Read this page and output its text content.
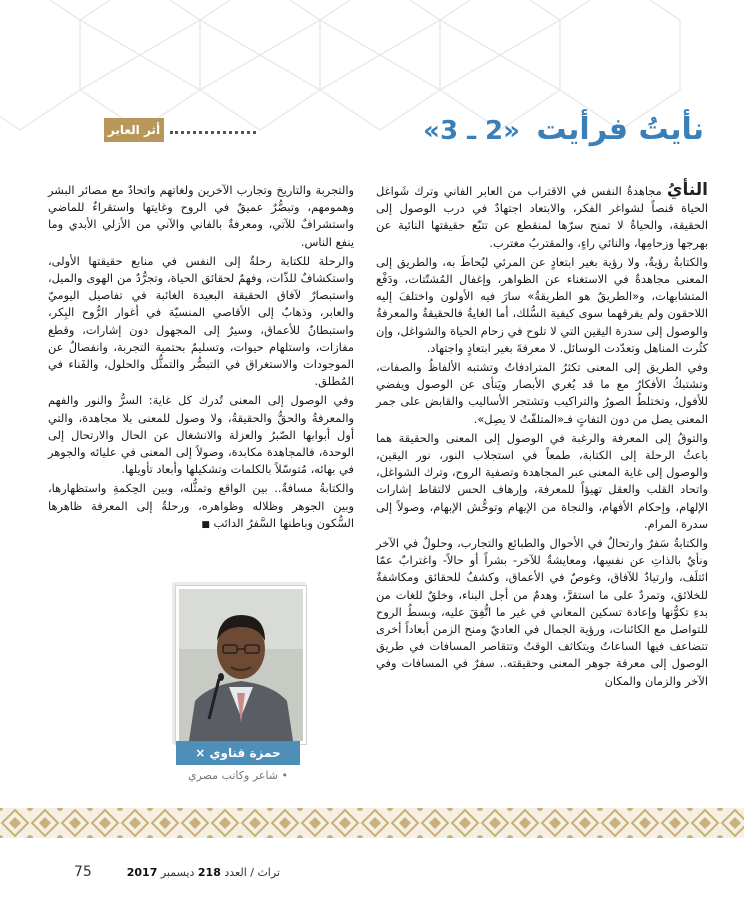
نأيتُ فرأيت «2 ـ 3»
أثر العابر

النأيُ مجاهدةُ النفس في الاقتراب من العابر الفاني وترك شَواغل الحياة قنصاً لشواغر الفكر، والابتعاد اجتهادٌ في درب الوصول إلى الحقيقة، والحياةُ لا تمنح سرّها لمنقطع عن تتبّع حقيقتها النائية عن بهرجها وزحامِها، والنائي راءٍ، والمقتربُ مغترب.

والكتابةُ رؤيةٌ، ولا رؤية بغير ابتعادٍ عن المرئي ليُحاطَ به، والطريق إلى المعنى مجاهدةٌ في الاستغناء عن الظواهر، وإغفال المُشتّتات، ودَفْع المتشابهات، و«الطريقُ هو الطريقةُ» سارَ فيه الأولون واختلفَ إليه اللاحقون ولم يفرقهما سوى كيفية السُّلك، أما الغايةُ فالحقيقةُ والمعرفةُ والوصول إلى سدرة اليقين التي لا تلوح في زحام الحياة والشواغل، وإن كثُرت المناهل وتعدّدت الوسائل. لا معرفةَ بغير ابتعادٍ واجتهاد.

وفي الطريق إلى المعنى تكثرُ المترادفاتُ وتشتبه الألفاظُ والصفات، وتشتبكُ الأفكارُ مع ما قد يُغري الأبصار ويَنأى عن الوصول ويفضي للأفول، وتختلطُ الصورُ والتراكيب وتشتجر الأساليب والقابض على جمر المعنى يصل من دون التفاتٍ فـ«المتلفّتُ لا يصِل».

والتوقُ إلى المعرفة والرغبة في الوصول إلى المعنى والحقيقة هما باعثُ الرحلة إلى الكتابة، طمعاً في استجلاب النور، نور اليقين، والوصول إلى غاية المعنى عبر المجاهدة وتصفية الروح، وترك الشواغل، واتحاد القلب والعقل تهيؤاً للمعرفة، وإرهاف الحس لالتقاط إشارات الإلهام، وإحكام الأفهام، والنجاة من الإيهام وتوحُّش الإبهام، وصولاً إلى سدرة المرام.

والكتابةُ سَفرٌ وارتحالٌ في الأحوال والطبائع والتجارب، وحلولٌ في الآخر ونأيٌ بالذاتِ عن نفسِها، ومعايشةٌ للآخر- بشراً أو حالاً- واغترابٌ عمّا ائتلَف، وارتيادٌ للآفاق، وغوصٌ في الأعماق، وكشفٌ للحقائق ومكاشفةٌ للخلائق، وتمردٌ على ما استقرَّ، وهدمٌ من أجل البناء، وخلقٌ للغات من بدءِ تكوُّنها وإعادة تسكين المعاني في غير ما اتُّفِقَ عليه، وبسطُ الروح للتواصل مع الكائنات، ورؤية الجمال في العاديّ ومنح الزمن أبعاداً أخرى تتضاعف فيها الساعاتُ ويتكاثف الوقتُ وتتقاصر المسافات في طريق الوصول إلى معرفة جوهر المعنى وحقيقته.. سفرٌ في المسافات وفي الآخر والزمان والمكان

والتجربة والتاريخ وتجارب الآخرين ولغاتهم واتحادٌ مع مصائر البشر وهمومهم، وتبصُّرٌ عميقٌ في الروح وغايتها واستقراءٌ للماضي واستشرافٌ للآتي، ومعرفةٌ بالفاني والآني من الأزلي الأبدي وما ينفع الناس.

والرحلة للكتابة رحلةٌ إلى النفس في منابع حقيقتها الأولى، واستكشافٌ للذّات، وفهمٌ لحقائق الحياة، وتجرُّدٌ من الهوى والميل، واستبصارٌ لآفاق الحقيقة البعيدة الغائبة في تفاصيل اليوميّ والعابر، وذهابٌ إلى الأقاصي المنسيّة في أغوار الرُّوح البِكر، واستبطانٌ للأعماق، وسيرٌ إلى المجهول دون إشارات، وقطع مفازات، واستلهام حيوات، وتسليمٌ بحتمية التجربة، وانفصالٌ عن الموجودات والاستغراق في التبصُّر والتمثُّل والحلول، والفَناء في المُطلق.

وفي الوصول إلى المعنى تُدرك كل غاية: السرُّ والنور والفهم والمعرفةُ والحقُّ والحقيقةُ، ولا وصول للمعنى بلا مجاهدة، والتي أول أبوابها الصّبرُ والعزلة والانشغال عن الحال والارتحال إلى الوحدة، فالمجاهدة مكابدة، وصولاً إلى المعنى في عليائه والجوهر في بهائه، مُتوسّلاً بالكلمات وتشكيلها وأبعاد تأويلها.

والكتابةُ مسافةٌ.. بين الواقع وتمثُّله، وبين الحِكمةِ واستظهارها، وبين الجوهر وظلاله وظواهره، ورحلةٌ إلى المعرفة ظاهرها السُّكون وباطنها السَّفرُ الدائب ■

حمزة قناوي ×
• شاعر وكاتب مصري
تراث / العدد 218 ديسمبر 2017
75
